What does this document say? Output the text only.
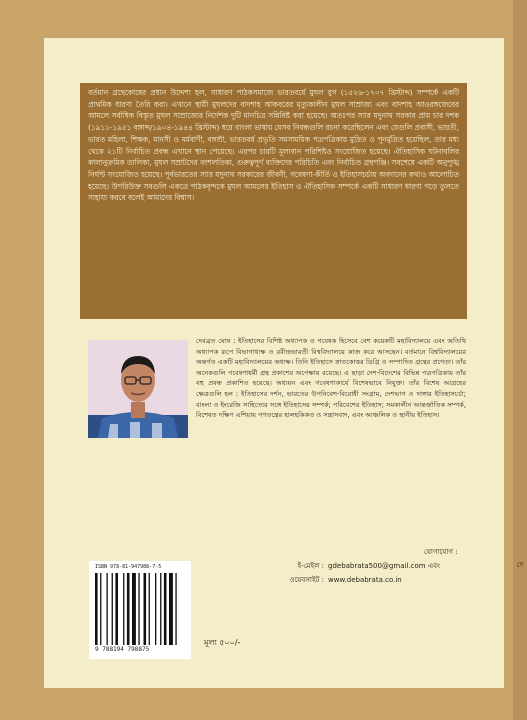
দে
বর্তমান গ্রন্থেকোষের প্রধান উদ্দেশ্য হল, সাধারণ পাঠকসমাজে ভারতবর্ষে মুঘল যুগ (১৫২৬-১৭০৭ খ্রিস্টাব্দ) সম্পর্কে একটি প্রাথমিক ধারণা তৈরি করা। এখানে স্থায়ী মুঘলদের বাদশাহ আকবরের মৃত্যুকালীন মুঘল সাম্রাজ্য এবং বাদশাহ আওরঙ্গজেবের আমলে সর্বাধিক বিস্তৃত মুঘল সাম্রাজ্যের নির্দেশক দুটি মানচিত্র সন্নিবিষ্ট করা হয়েছে। অতঃপর স্যার যদুনাথ সরকার প্রায় চার দশক (১৯১১-১৯৫১ বঙ্গাব্দ/১৯০৪-১৯৪৪ খ্রিস্টাব্দ) ধরে বাংলা ভাষায় যেসব নিবন্ধগুলি রচনা করেছিলেন এবং যেগুলি প্রবাসী, ভারতী, ভারত মহিলা, শিক্ষক, মানসী ও মর্মবাণী, বঙ্গশ্রী, ভারতবর্ষ প্রভৃতি সমসাময়িক পত্রপত্রিকায় মুদ্রিত ও পুনর্মুদ্রিত হয়েছিল, তার মধ্য থেকে ২১টি নির্বাচিত প্রবন্ধ এখানে স্থান পেয়েছে। এরপর চারটি মূল্যবান পরিশিষ্টও সংযোজিত হয়েছে। ঐতিহাসিক ঘটনাবলির কালানুক্রমিক তালিকা, মুঘল সম্রাটদের বংশলতিকা, গুরুত্বপূর্ণ ব্যক্তিদের পরিচিতি এবং নির্বাচিত গ্রন্থপঞ্জি। সবশেষে একটি অনুপুঙ্খ নির্ঘণ্ট সংযোজিত হয়েছে। পূর্বভারতের স্যার যদুনাথ সরকারের জীবনী, গবেষণা-কীর্তি ও ইতিহাসচর্চায় অবদানের কথাও আলোচিত হয়েছে। উপরিউক্ত সবগুলি একত্রে পাঠকবৃন্দকে মুঘল আমলের ইতিহাস ও ঐতিহাসিক সম্পর্কে একটি সাধারণ ধারণা গড়ে তুলতে সাহায্য করবে বলেই আমাদের বিশ্বাস।
দেবব্রত ঘোষ : ইতিহাসের বিশিষ্ট অধ্যাপক ও গবেষক হিসেবে বেশ কয়েকটি মহাবিদ্যালয়ে এবং অতিথি অধ্যাপক রূপে বিভাগাধ্যক্ষ ও রবীন্দ্রভারতী বিশ্ববিদ্যালয়ে কাজ করে আসছেন। বর্তমানে বিশ্ববিদ্যালয়ের অন্তর্গত একটি মহাবিদ্যালয়ের অধ্যক্ষ। তিনি ইতিহাসে স্নাতকোত্তর ডিগ্রি ও সম্পাদিত গ্রন্থের প্রণেতা। তাঁর অনেকগুলি গবেষণাধর্মী গ্রন্থ প্রকাশের অপেক্ষায় রয়েছে। এ ছাড়া দেশ-বিদেশের বিভিন্ন পত্রপত্রিকায় তাঁর বহু প্রবন্ধ প্রকাশিত হয়েছে। অধ্যয়ন এবং গবেষণাকার্যে বিশেষভাবে নিযুক্ত। তাঁর বিশেষ আগ্রহের ক্ষেত্রগুলি হল : ইতিহাসের দর্শন, ভারতের উপনিবেশ-বিরোধী সংগ্রাম, দেশভাগ ও দাঙ্গার ইতিহাসচর্চা; বাংলা ও ইংরেজি সাহিত্যের সঙ্গে ইতিহাসের সম্পর্ক; পরিবেশের ইতিহাস; সমকালীন আন্তর্জাতিক সম্পর্ক, বিশেষত দক্ষিণ এশিয়ায় গণতন্ত্রের হালহকিকত ও সন্ত্রাসবাদ, এবং আঞ্চলিক ও স্থানীয় ইতিহাস।
যোগাযোগ :
ই-মেইল : gdebabrata500@gmail.com এবং
ওয়েবসাইট : www.debabrata.co.in
ISBN 978-81-947988-7-5
9 788194 798875
মূল্য ৫০০/-
